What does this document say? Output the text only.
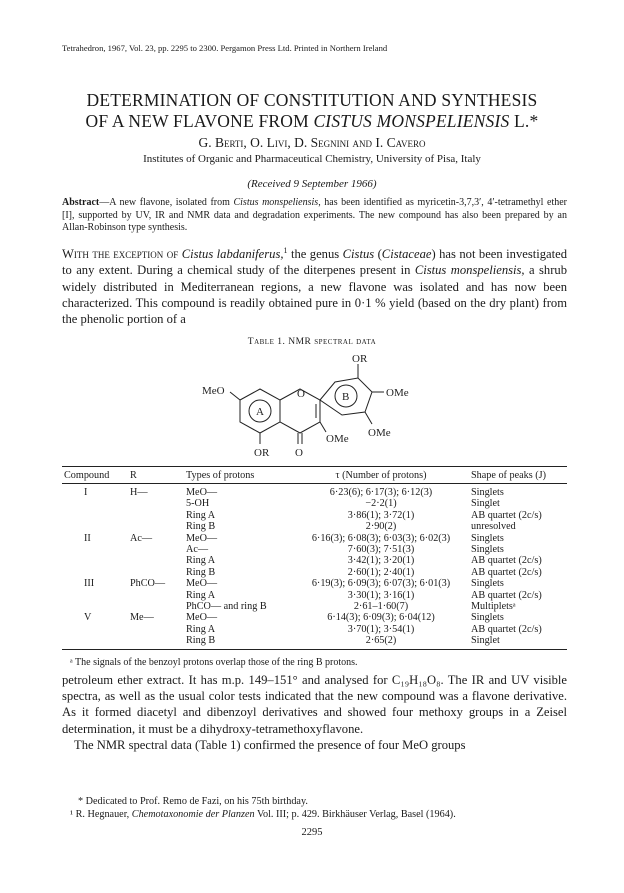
Tetrahedron, 1967, Vol. 23, pp. 2295 to 2300. Pergamon Press Ltd. Printed in Northern Ireland
DETERMINATION OF CONSTITUTION AND SYNTHESIS
OF A NEW FLAVONE FROM CISTUS MONSPELIENSIS L.*
G. Berti, O. Livi, D. Segnini and I. Cavero
Institutes of Organic and Pharmaceutical Chemistry, University of Pisa, Italy
(Received 9 September 1966)
Abstract—A new flavone, isolated from Cistus monspeliensis, has been identified as myricetin-3,7,3′, 4′-tetramethyl ether [I], supported by UV, IR and NMR data and degradation experiments. The new compound has also been prepared by an Allan-Robinson type synthesis.
With the exception of Cistus labdaniferus,$^1$ the genus Cistus (Cistaceae) has not been investigated to any extent. During a chemical study of the diterpenes present in Cistus monspeliensis, a shrub widely distributed in Mediterranean regions, a new flavone was isolated and has now been characterized. This compound is readily obtained pure in 0·1 % yield (based on the dry plant) from the phenolic portion of a
Table 1. NMR spectral data
OR
MeO	O
A
B	OMe
OMe OMe
OR O
Compound	R	Types of protons	τ (Number of protons)	Shape of peaks (J)
I	H—	MeO—	6·23(6); 6·17(3); 6·12(3)	Singlets
		5-OH	−2·2(1)	Singlet
		Ring A	3·86(1); 3·72(1)	AB quartet (2c/s)
		Ring B	2·90(2)	unresolved
II	Ac—	MeO—	6·16(3); 6·08(3); 6·03(3); 6·02(3)	Singlets
		Ac—	7·60(3); 7·51(3)	Singlets
		Ring A	3·42(1); 3·20(1)	AB quartet (2c/s)
		Ring B	2·60(1); 2·40(1)	AB quartet (2c/s)
III	PhCO—	MeO—	6·19(3); 6·09(3); 6·07(3); 6·01(3)	Singlets
		Ring A	3·30(1); 3·16(1)	AB quartet (2c/s)
		PhCO— and ring B	2·61–1·60(7)	Multipletsᵃ
V	Me—	MeO—	6·14(3); 6·09(3); 6·04(12)	Singlets
		Ring A	3·70(1); 3·54(1)	AB quartet (2c/s)
		Ring B	2·65(2)	Singlet
ᵃ The signals of the benzoyl protons overlap those of the ring B protons.
petroleum ether extract. It has m.p. 149–151° and analysed for C₁₉H₁₈O₈. The IR and UV visible spectra, as well as the usual color tests indicated that the new compound was a flavone derivative. As it formed diacetyl and dibenzoyl derivatives and showed four methoxy groups in a Zeisel determination, it must be a dihydroxy-tetramethoxyflavone.
The NMR spectral data (Table 1) confirmed the presence of four MeO groups
* Dedicated to Prof. Remo de Fazi, on his 75th birthday.
¹ R. Hegnauer, Chemotaxonomie der Planzen Vol. III; p. 429. Birkhäuser Verlag, Basel (1964).
2295
